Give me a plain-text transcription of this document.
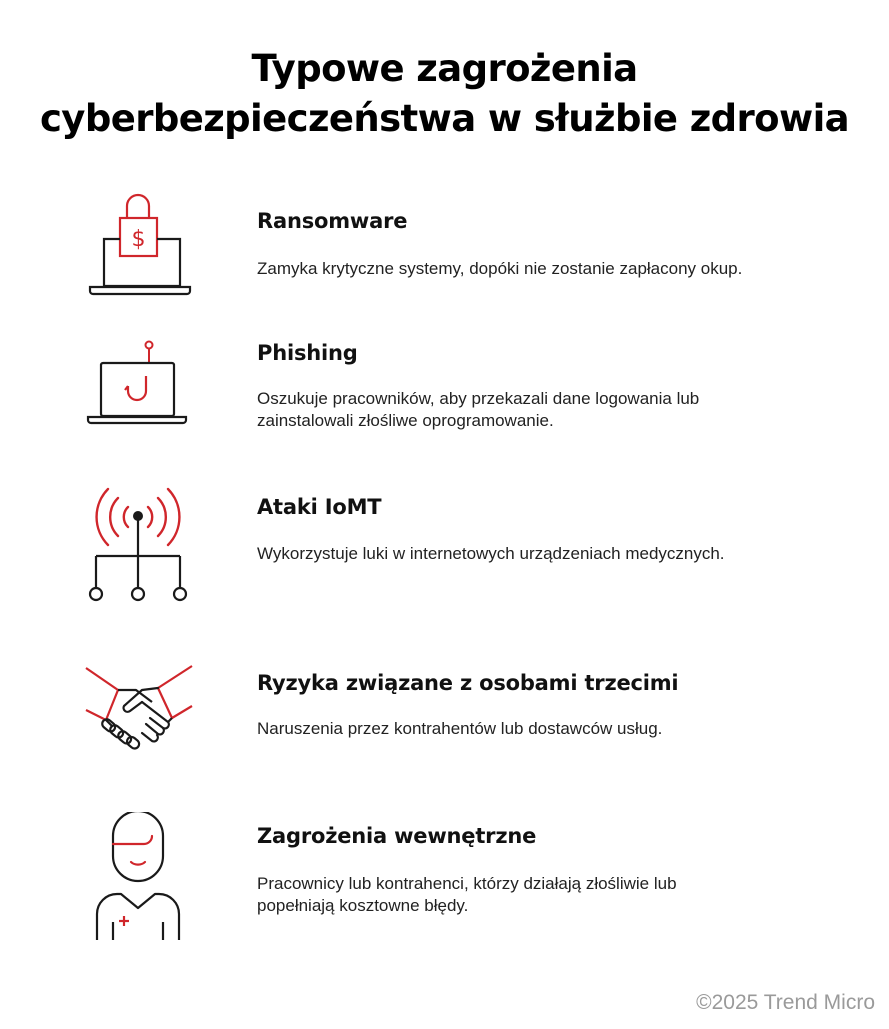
Typowe zagrożenia
cyberbezpieczeństwa w służbie zdrowia
$
Ransomware
Zamyka krytyczne systemy, dopóki nie zostanie zapłacony okup.
Phishing
Oszukuje pracowników, aby przekazali dane logowania lub zainstalowali złośliwe oprogramowanie.
Ataki IoMT
Wykorzystuje luki w internetowych urządzeniach medycznych.
Ryzyka związane z osobami trzecimi
Naruszenia przez kontrahentów lub dostawców usług.
Zagrożenia wewnętrzne
Pracownicy lub kontrahenci, którzy działają złośliwie lub popełniają kosztowne błędy.
©2025 Trend Micro
